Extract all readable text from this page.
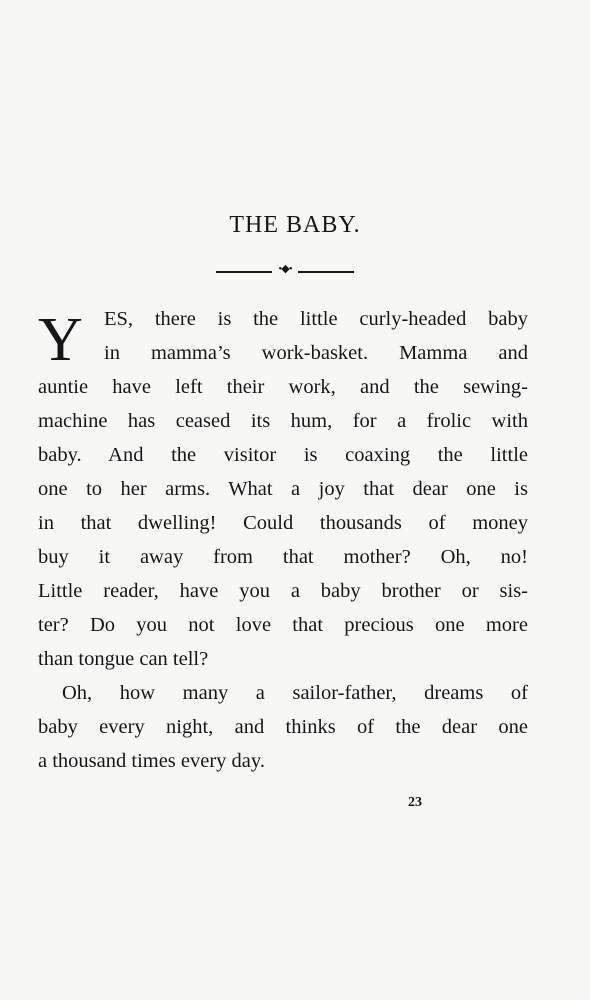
THE BABY.
•◆•
Y	ES, there is the little curly-headed baby
in mamma’s work-basket. Mamma and
auntie have left their work, and the sewing-
machine has ceased its hum, for a frolic with
baby. And the visitor is coaxing the little
one to her arms. What a joy that dear one is
in that dwelling! Could thousands of money
buy it away from that mother? Oh, no!
Little reader, have you a baby brother or sis-
ter? Do you not love that precious one more
than tongue can tell?
Oh, how many a sailor-father, dreams of
baby every night, and thinks of the dear one
a thousand times every day.
23
